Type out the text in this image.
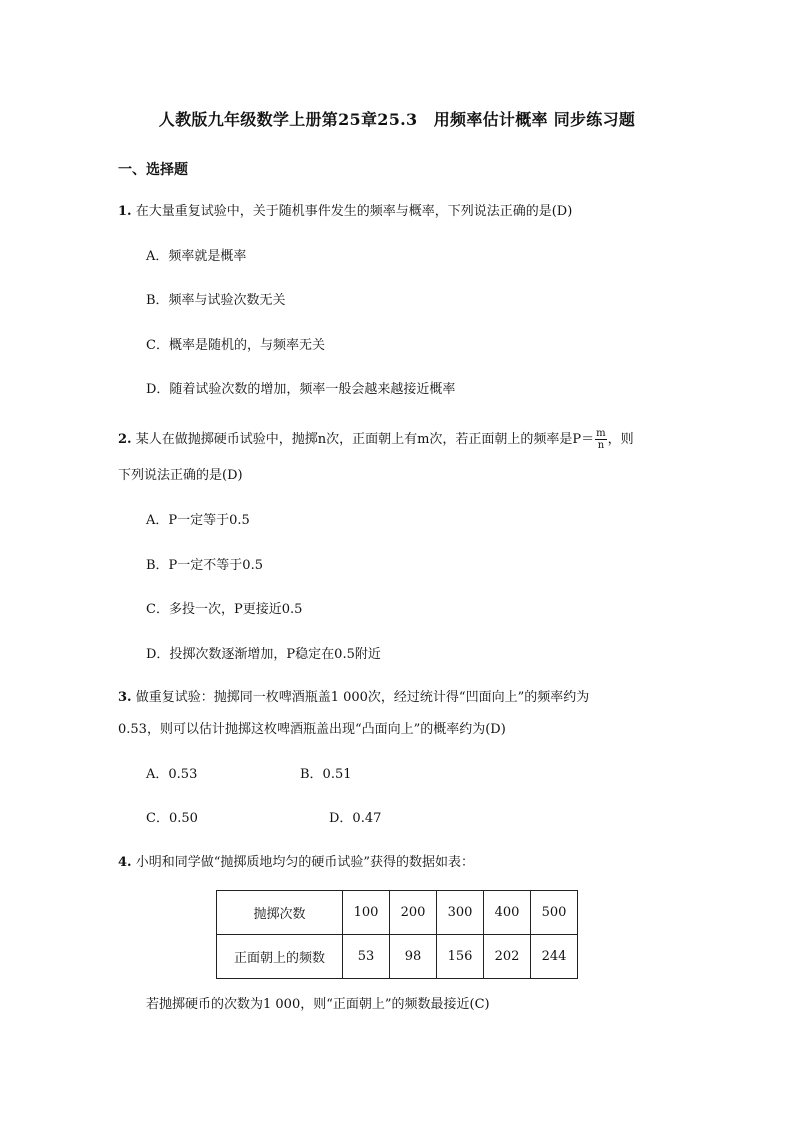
人教版九年级数学上册第25章25.3　用频率估计概率 同步练习题
一、选择题
1. 在大量重复试验中，关于随机事件发生的频率与概率，下列说法正确的是(D)
A．频率就是概率
B．频率与试验次数无关
C．概率是随机的，与频率无关
D．随着试验次数的增加，频率一般会越来越接近概率
2. 某人在做抛掷硬币试验中，抛掷n次，正面朝上有m次，若正面朝上的频率是$P= \frac{m}{n}$ ，则
下列说法正确的是(D)
A．P一定等于0.5
B．P一定不等于0.5
C．多投一次，P更接近0.5
D．投掷次数逐渐增加，P稳定在0.5附近
3. 做重复试验：抛掷同一枚啤酒瓶盖1 000次，经过统计得“凹面向上”的频率约为
0.53，则可以估计抛掷这枚啤酒瓶盖出现“凸面向上”的概率约为(D)
A．0.53	B．0.51
C．0.50	D．0.47
4. 小明和同学做“抛掷质地均匀的硬币试验”获得的数据如表：
抛掷次数	100	200	300	400	500
正面朝上的频数	53	98	156	202	244
若抛掷硬币的次数为1 000，则“正面朝上”的频数最接近(C)
